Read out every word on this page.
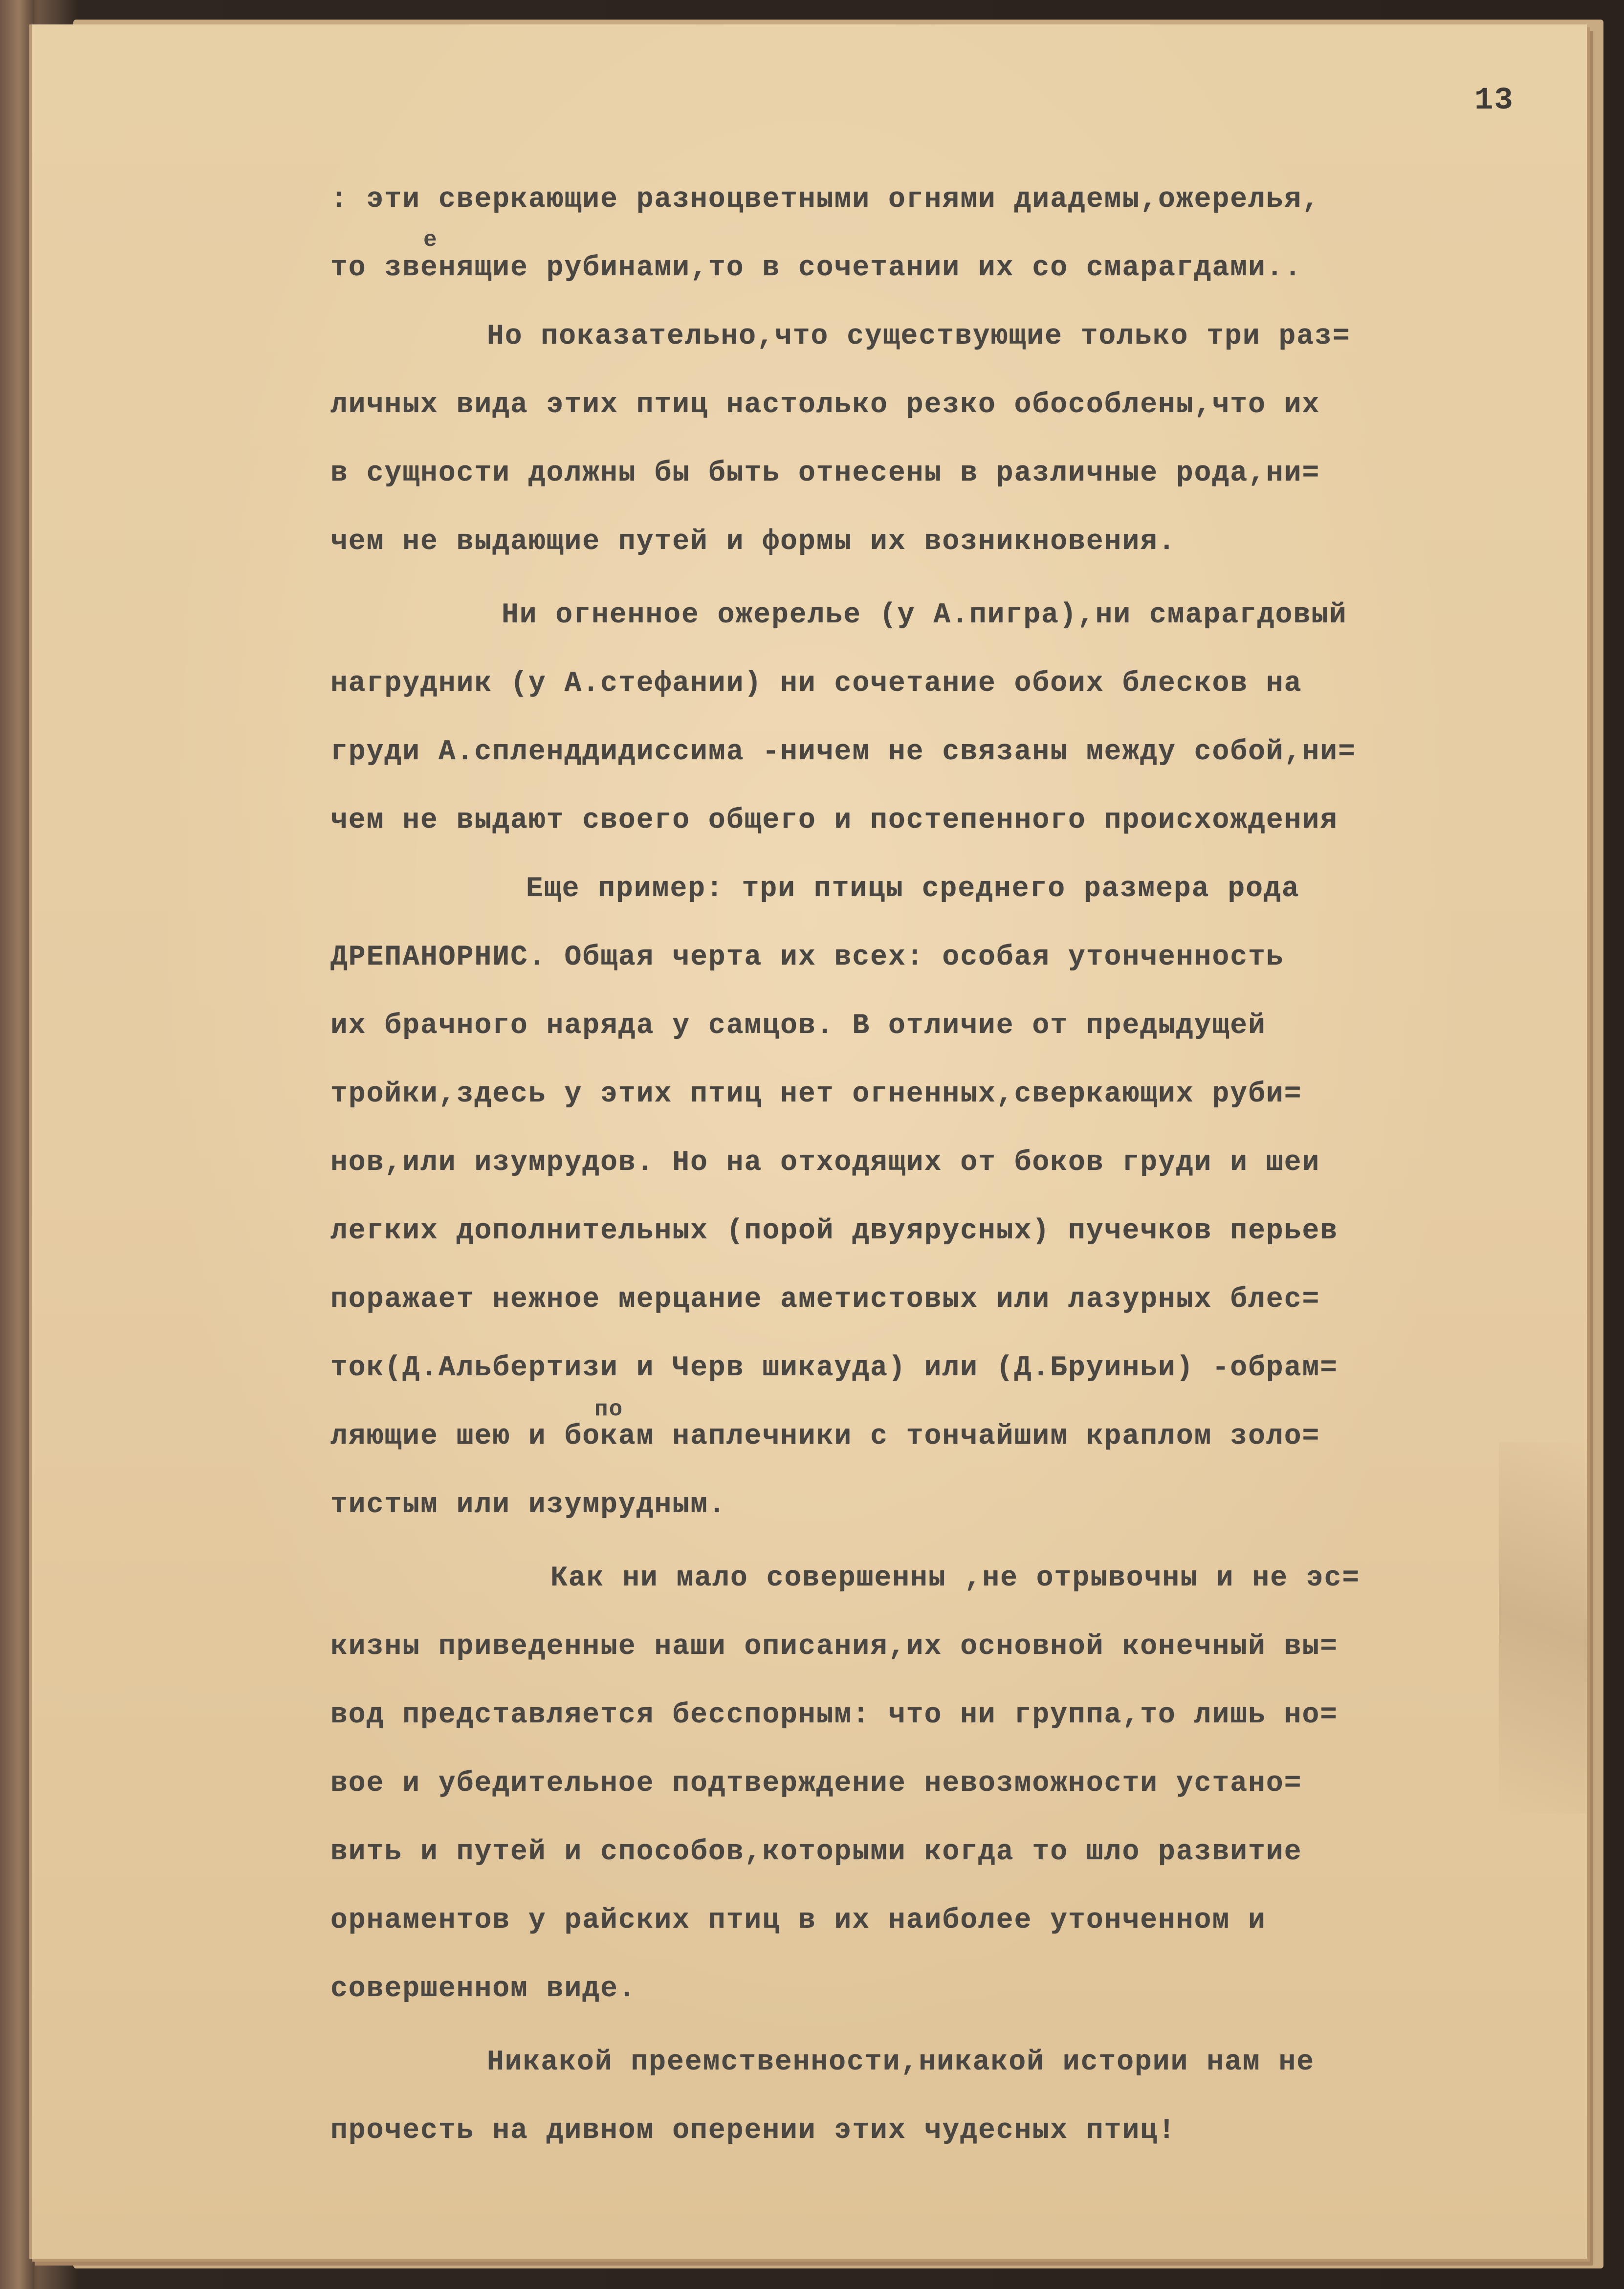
13
: эти сверкающие разноцветными огнями диадемы,ожерелья,
е
то звенящие рубинами,то в сочетании их со смарагдами..
Но показательно,что существующие только три раз=
личных вида этих птиц настолько резко обособлены,что их
в сущности должны бы быть отнесены в различные рода,ни=
чем не выдающие путей и формы их возникновения.
Ни огненное ожерелье (у А.пигра),ни смарагдовый
нагрудник (у А.стефании) ни сочетание обоих блесков на
груди А.спленддидиссима -ничем не связаны между собой,ни=
чем не выдают своего общего и постепенного происхождения
Еще пример: три птицы среднего размера рода
ДРЕПАНОРНИС. Общая черта их всех: особая утонченность
их брачного наряда у самцов. В отличие от предыдущей
тройки,здесь у этих птиц нет огненных,сверкающих руби=
нов,или изумрудов. Но на отходящих от боков груди и шеи
легких дополнительных (порой двуярусных) пучечков перьев
поражает нежное мерцание аметистовых или лазурных блес=
ток(Д.Альбертизи и Черв шикауда) или (Д.Бруиньи) -обрам=
по
ляющие шею и бокам наплечники с тончайшим краплом золо=
тистым или изумрудным.
Как ни мало совершенны ,не отрывочны и не эс=
кизны приведенные наши описания,их основной конечный вы=
вод представляется бесспорным: что ни группа,то лишь но=
вое и убедительное подтверждение невозможности устано=
вить и путей и способов,которыми когда то шло развитие
орнаментов у райских птиц в их наиболее утонченном и
совершенном виде.
Никакой преемственности,никакой истории нам не
прочесть на дивном оперении этих чудесных птиц!
